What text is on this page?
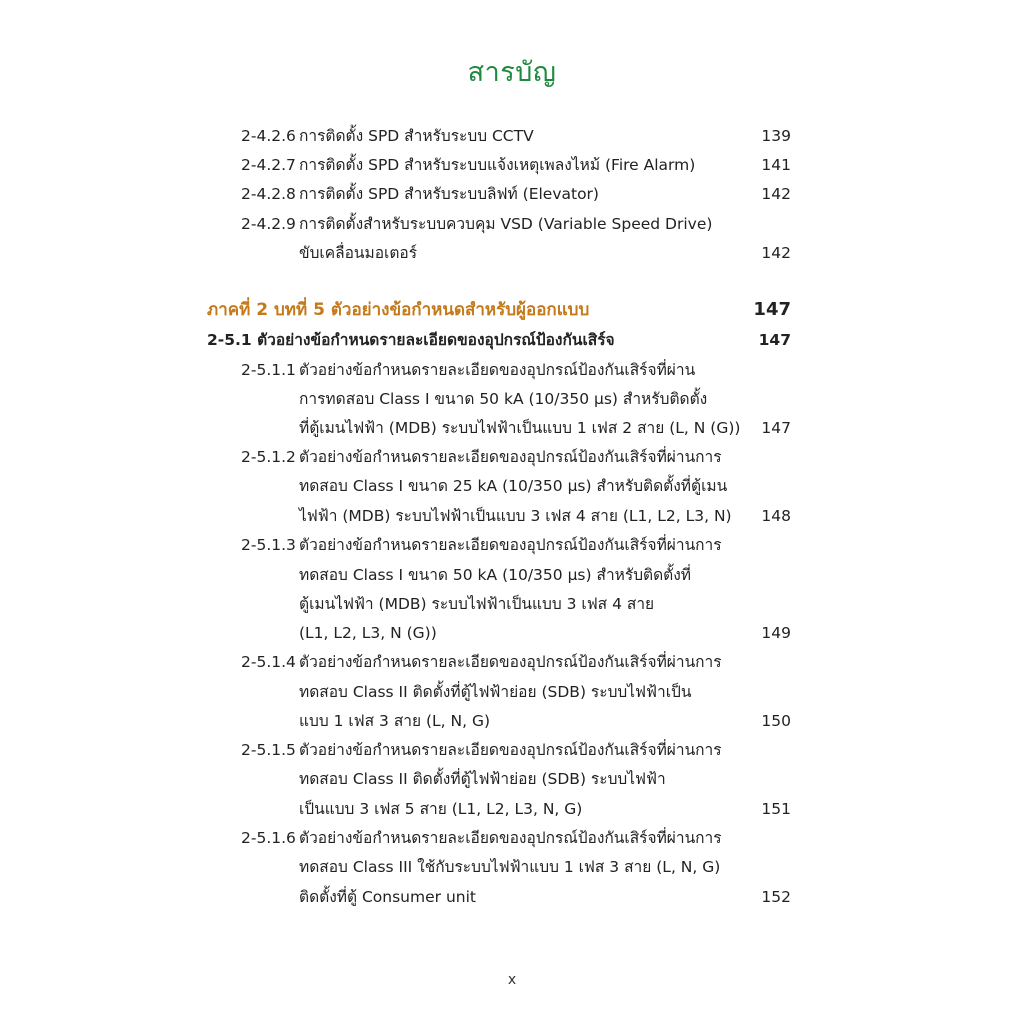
สารบัญ
2-4.2.6 การติดตั้ง SPD สำหรับระบบ CCTV	139
2-4.2.7 การติดตั้ง SPD สำหรับระบบแจ้งเหตุเพลงไหม้ (Fire Alarm)	141
2-4.2.8 การติดตั้ง SPD สำหรับระบบลิฟท์ (Elevator)	142
2-4.2.9 การติดตั้งสำหรับระบบควบคุม VSD (Variable Speed Drive)
ขับเคลื่อนมอเตอร์	142
ภาคที่ 2 บทที่ 5 ตัวอย่างข้อกำหนดสำหรับผู้ออกแบบ	147
2-5.1 ตัวอย่างข้อกำหนดรายละเอียดของอุปกรณ์ป้องกันเสิร์จ	147
2-5.1.1 ตัวอย่างข้อกำหนดรายละเอียดของอุปกรณ์ป้องกันเสิร์จที่ผ่าน
การทดสอบ Class I ขนาด 50 kA (10/350 µs) สำหรับติดตั้ง
ที่ตู้เมนไฟฟ้า (MDB) ระบบไฟฟ้าเป็นแบบ 1 เฟส 2 สาย (L, N (G)) 147
2-5.1.2 ตัวอย่างข้อกำหนดรายละเอียดของอุปกรณ์ป้องกันเสิร์จที่ผ่านการ
ทดสอบ Class I ขนาด 25 kA (10/350 µs) สำหรับติดตั้งที่ตู้เมน
ไฟฟ้า (MDB) ระบบไฟฟ้าเป็นแบบ 3 เฟส 4 สาย (L1, L2, L3, N) 148
2-5.1.3 ตัวอย่างข้อกำหนดรายละเอียดของอุปกรณ์ป้องกันเสิร์จที่ผ่านการ
ทดสอบ Class I ขนาด 50 kA (10/350 µs) สำหรับติดตั้งที่
ตู้เมนไฟฟ้า (MDB) ระบบไฟฟ้าเป็นแบบ 3 เฟส 4 สาย
(L1, L2, L3, N (G))	149
2-5.1.4 ตัวอย่างข้อกำหนดรายละเอียดของอุปกรณ์ป้องกันเสิร์จที่ผ่านการ
ทดสอบ Class II ติดตั้งที่ตู้ไฟฟ้าย่อย (SDB) ระบบไฟฟ้าเป็น
แบบ 1 เฟส 3 สาย (L, N, G)	150
2-5.1.5 ตัวอย่างข้อกำหนดรายละเอียดของอุปกรณ์ป้องกันเสิร์จที่ผ่านการ
ทดสอบ Class II ติดตั้งที่ตู้ไฟฟ้าย่อย (SDB) ระบบไฟฟ้า
เป็นแบบ 3 เฟส 5 สาย (L1, L2, L3, N, G)	151
2-5.1.6 ตัวอย่างข้อกำหนดรายละเอียดของอุปกรณ์ป้องกันเสิร์จที่ผ่านการ
ทดสอบ Class III ใช้กับระบบไฟฟ้าแบบ 1 เฟส 3 สาย (L, N, G)
ติดตั้งที่ตู้ Consumer unit	152
x
